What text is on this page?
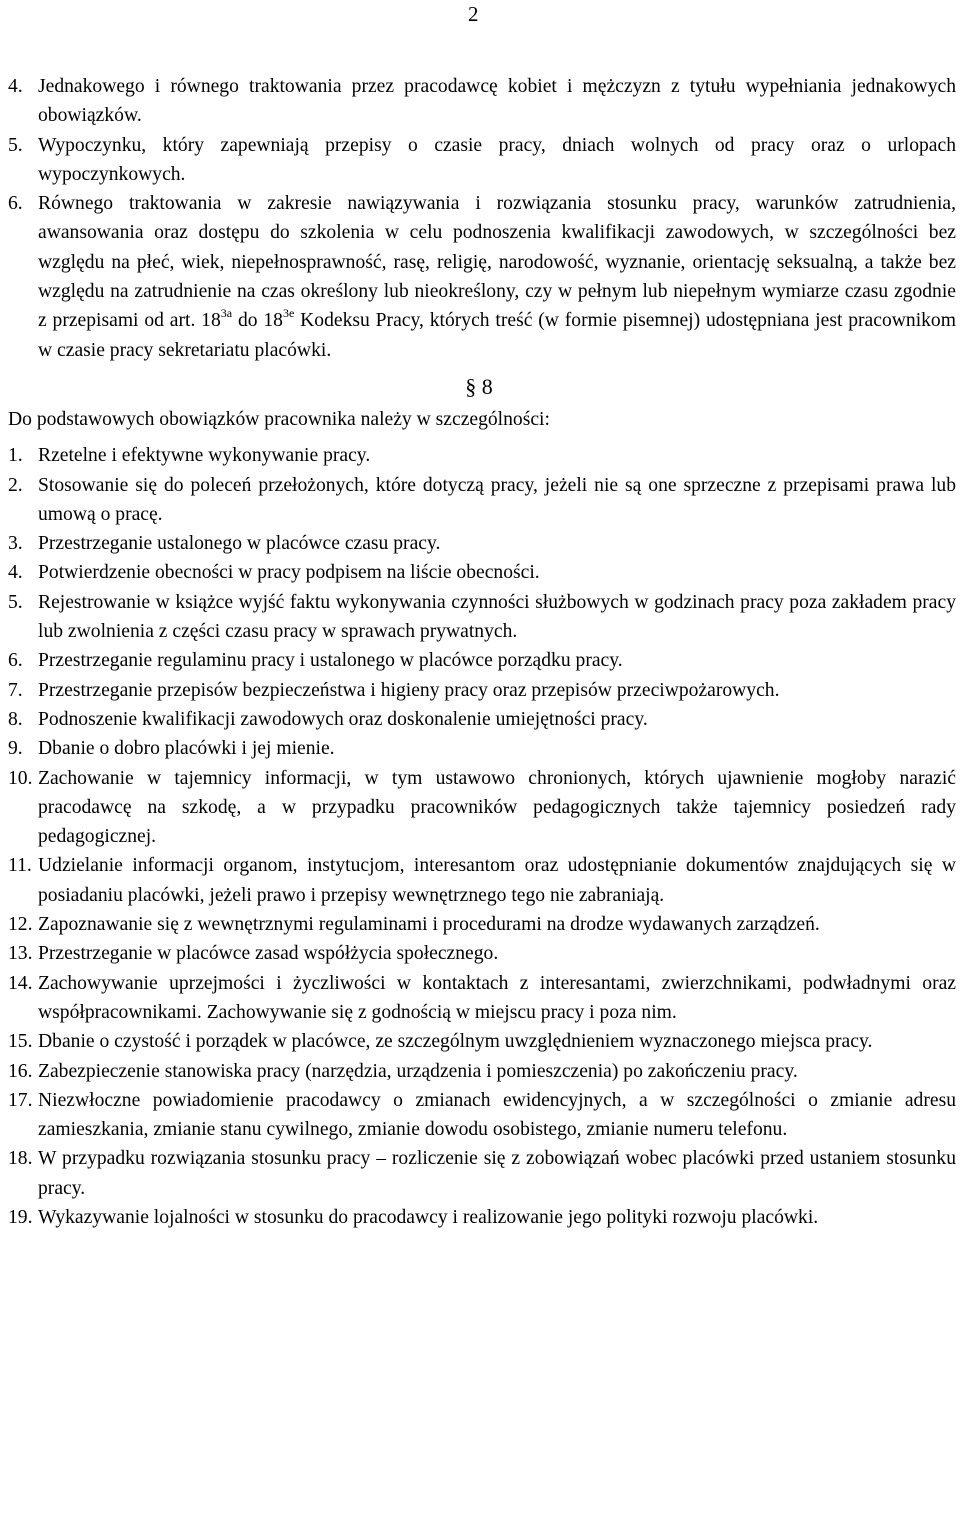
2
4. Jednakowego i równego traktowania przez pracodawcę kobiet i mężczyzn z tytułu wypełniania jednakowych obowiązków.
5. Wypoczynku, który zapewniają przepisy o czasie pracy, dniach wolnych od pracy oraz o urlopach wypoczynkowych.
6. Równego traktowania w zakresie nawiązywania i rozwiązania stosunku pracy, warunków zatrudnienia, awansowania oraz dostępu do szkolenia w celu podnoszenia kwalifikacji zawodowych, w szczególności bez względu na płeć, wiek, niepełnosprawność, rasę, religię, narodowość, wyznanie, orientację seksualną, a także bez względu na zatrudnienie na czas określony lub nieokreślony, czy w pełnym lub niepełnym wymiarze czasu zgodnie z przepisami od art. $18^{3a}$ do $18^{3e}$ Kodeksu Pracy, których treść (w formie pisemnej) udostępniana jest pracownikom w czasie pracy sekretariatu placówki.
§ 8
Do podstawowych obowiązków pracownika należy w szczególności:
1. Rzetelne i efektywne wykonywanie pracy.
2. Stosowanie się do poleceń przełożonych, które dotyczą pracy, jeżeli nie są one sprzeczne z przepisami prawa lub umową o pracę.
3. Przestrzeganie ustalonego w placówce czasu pracy.
4. Potwierdzenie obecności w pracy podpisem na liście obecności.
5. Rejestrowanie w książce wyjść faktu wykonywania czynności służbowych w godzinach pracy poza zakładem pracy lub zwolnienia z części czasu pracy w sprawach prywatnych.
6. Przestrzeganie regulaminu pracy i ustalonego w placówce porządku pracy.
7. Przestrzeganie przepisów bezpieczeństwa i higieny pracy oraz przepisów przeciwpożarowych.
8. Podnoszenie kwalifikacji zawodowych oraz doskonalenie umiejętności pracy.
9. Dbanie o dobro placówki i jej mienie.
10. Zachowanie w tajemnicy informacji, w tym ustawowo chronionych, których ujawnienie mogłoby narazić pracodawcę na szkodę, a w przypadku pracowników pedagogicznych także tajemnicy posiedzeń rady pedagogicznej.
11. Udzielanie informacji organom, instytucjom, interesantom oraz udostępnianie dokumentów znajdujących się w posiadaniu placówki, jeżeli prawo i przepisy wewnętrznego tego nie zabraniają.
12. Zapoznawanie się z wewnętrznymi regulaminami i procedurami na drodze wydawanych zarządzeń.
13. Przestrzeganie w placówce zasad współżycia społecznego.
14. Zachowywanie uprzejmości i życzliwości w kontaktach z interesantami, zwierzchnikami, podwładnymi oraz współpracownikami. Zachowywanie się z godnością w miejscu pracy i poza nim.
15. Dbanie o czystość i porządek w placówce, ze szczególnym uwzględnieniem wyznaczonego miejsca pracy.
16. Zabezpieczenie stanowiska pracy (narzędzia, urządzenia i pomieszczenia) po zakończeniu pracy.
17. Niezwłoczne powiadomienie pracodawcy o zmianach ewidencyjnych, a w szczególności o zmianie adresu zamieszkania, zmianie stanu cywilnego, zmianie dowodu osobistego, zmianie numeru telefonu.
18. W przypadku rozwiązania stosunku pracy – rozliczenie się z zobowiązań wobec placówki przed ustaniem stosunku pracy.
19. Wykazywanie lojalności w stosunku do pracodawcy i realizowanie jego polityki rozwoju placówki.
